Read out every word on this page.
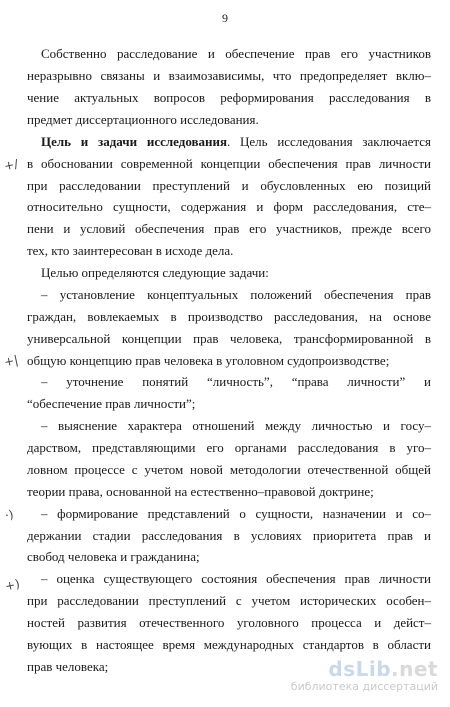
9
Собственно расследование и обеспечение прав его участников
неразрывно связаны и взаимозависимы, что предопределяет вклю–
чение актуальных вопросов реформирования расследования в
предмет диссертационного исследования.
Цель и задачи исследования. Цель исследования заключается
в обосновании современной концепции обеспечения прав личности
при расследовании преступлений и обусловленных ею позиций
относительно сущности, содержания и форм расследования, сте–
пени и условий обеспечения прав его участников, прежде всего
тех, кто заинтересован в исходе дела.
Целью определяются следующие задачи:
– установление концептуальных положений обеспечения прав
граждан, вовлекаемых в производство расследования, на основе
универсальной концепции прав человека, трансформированной в
общую концепцию прав человека в уголовном судопроизводстве;
– уточнение понятий “личность”, “права личности” и
“обеспечение прав личности”;
– выяснение характера отношений между личностью и госу–
дарством, представляющими его органами расследования в уго–
ловном процессе с учетом новой методологии отечественной общей
теории права, основанной на естественно–правовой доктрине;
– формирование представлений о сущности, назначении и со–
держании стадии расследования в условиях приоритета прав и
свобод человека и гражданина;
– оценка существующего состояния обеспечения прав личности
при расследовании преступлений с учетом исторических особен–
ностей развития отечественного уголовного процесса и дейст–
вующих в настоящее время международных стандартов в области
прав человека;
+/
+|
·)
+)
dsLib.net
библиотека диссертаций
